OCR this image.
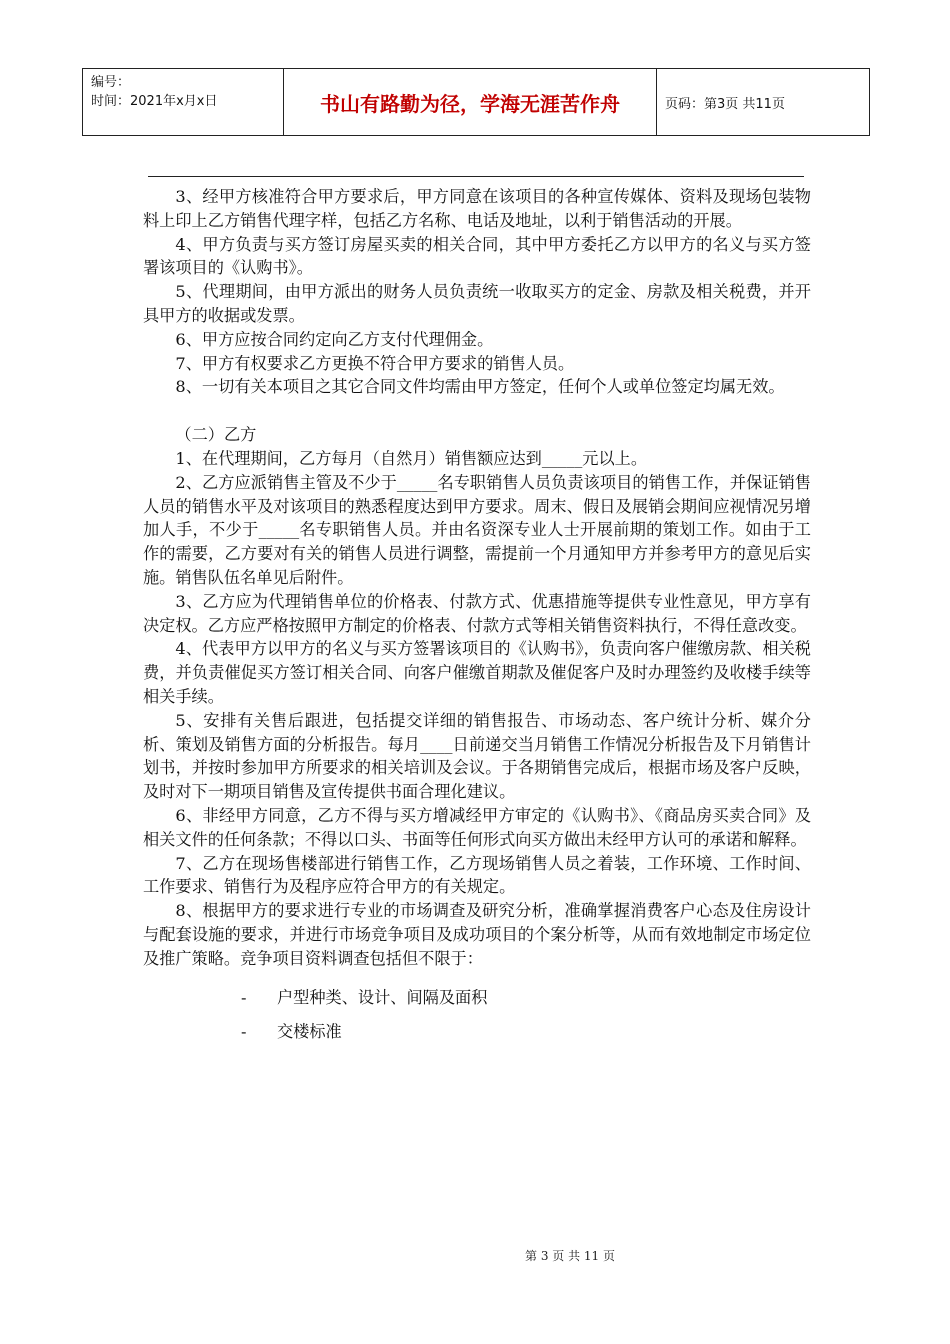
编号：
时间：2021年x月x日	书山有路勤为径，学海无涯苦作舟	页码：第3页 共11页

3、经甲方核准符合甲方要求后，甲方同意在该项目的各种宣传媒体、资料及现场包装物料上印上乙方销售代理字样，包括乙方名称、电话及地址，以利于销售活动的开展。

4、甲方负责与买方签订房屋买卖的相关合同，其中甲方委托乙方以甲方的名义与买方签署该项目的《认购书》。

5、代理期间，由甲方派出的财务人员负责统一收取买方的定金、房款及相关税费，并开具甲方的收据或发票。

6、甲方应按合同约定向乙方支付代理佣金。

7、甲方有权要求乙方更换不符合甲方要求的销售人员。

8、一切有关本项目之其它合同文件均需由甲方签定，任何个人或单位签定均属无效。

（二）乙方

1、在代理期间，乙方每月（自然月）销售额应达到_____元以上。

2、乙方应派销售主管及不少于_____名专职销售人员负责该项目的销售工作，并保证销售人员的销售水平及对该项目的熟悉程度达到甲方要求。周末、假日及展销会期间应视情况另增加人手，不少于_____名专职销售人员。并由名资深专业人士开展前期的策划工作。如由于工作的需要，乙方要对有关的销售人员进行调整，需提前一个月通知甲方并参考甲方的意见后实施。销售队伍名单见后附件。

3、乙方应为代理销售单位的价格表、付款方式、优惠措施等提供专业性意见，甲方享有决定权。乙方应严格按照甲方制定的价格表、付款方式等相关销售资料执行，不得任意改变。

4、代表甲方以甲方的名义与买方签署该项目的《认购书》，负责向客户催缴房款、相关税费，并负责催促买方签订相关合同、向客户催缴首期款及催促客户及时办理签约及收楼手续等相关手续。

5、安排有关售后跟进，包括提交详细的销售报告、市场动态、客户统计分析、媒介分析、策划及销售方面的分析报告。每月____日前递交当月销售工作情况分析报告及下月销售计划书，并按时参加甲方所要求的相关培训及会议。于各期销售完成后，根据市场及客户反映，及时对下一期项目销售及宣传提供书面合理化建议。

6、非经甲方同意，乙方不得与买方增减经甲方审定的《认购书》、《商品房买卖合同》及相关文件的任何条款；不得以口头、书面等任何形式向买方做出未经甲方认可的承诺和解释。

7、乙方在现场售楼部进行销售工作，乙方现场销售人员之着装，工作环境、工作时间、工作要求、销售行为及程序应符合甲方的有关规定。

8、根据甲方的要求进行专业的市场调查及研究分析，准确掌握消费客户心态及住房设计与配套设施的要求，并进行市场竞争项目及成功项目的个案分析等，从而有效地制定市场定位及推广策略。竞争项目资料调查包括但不限于：

-	户型种类、设计、间隔及面积
-	交楼标准
第 3 页 共 11 页
